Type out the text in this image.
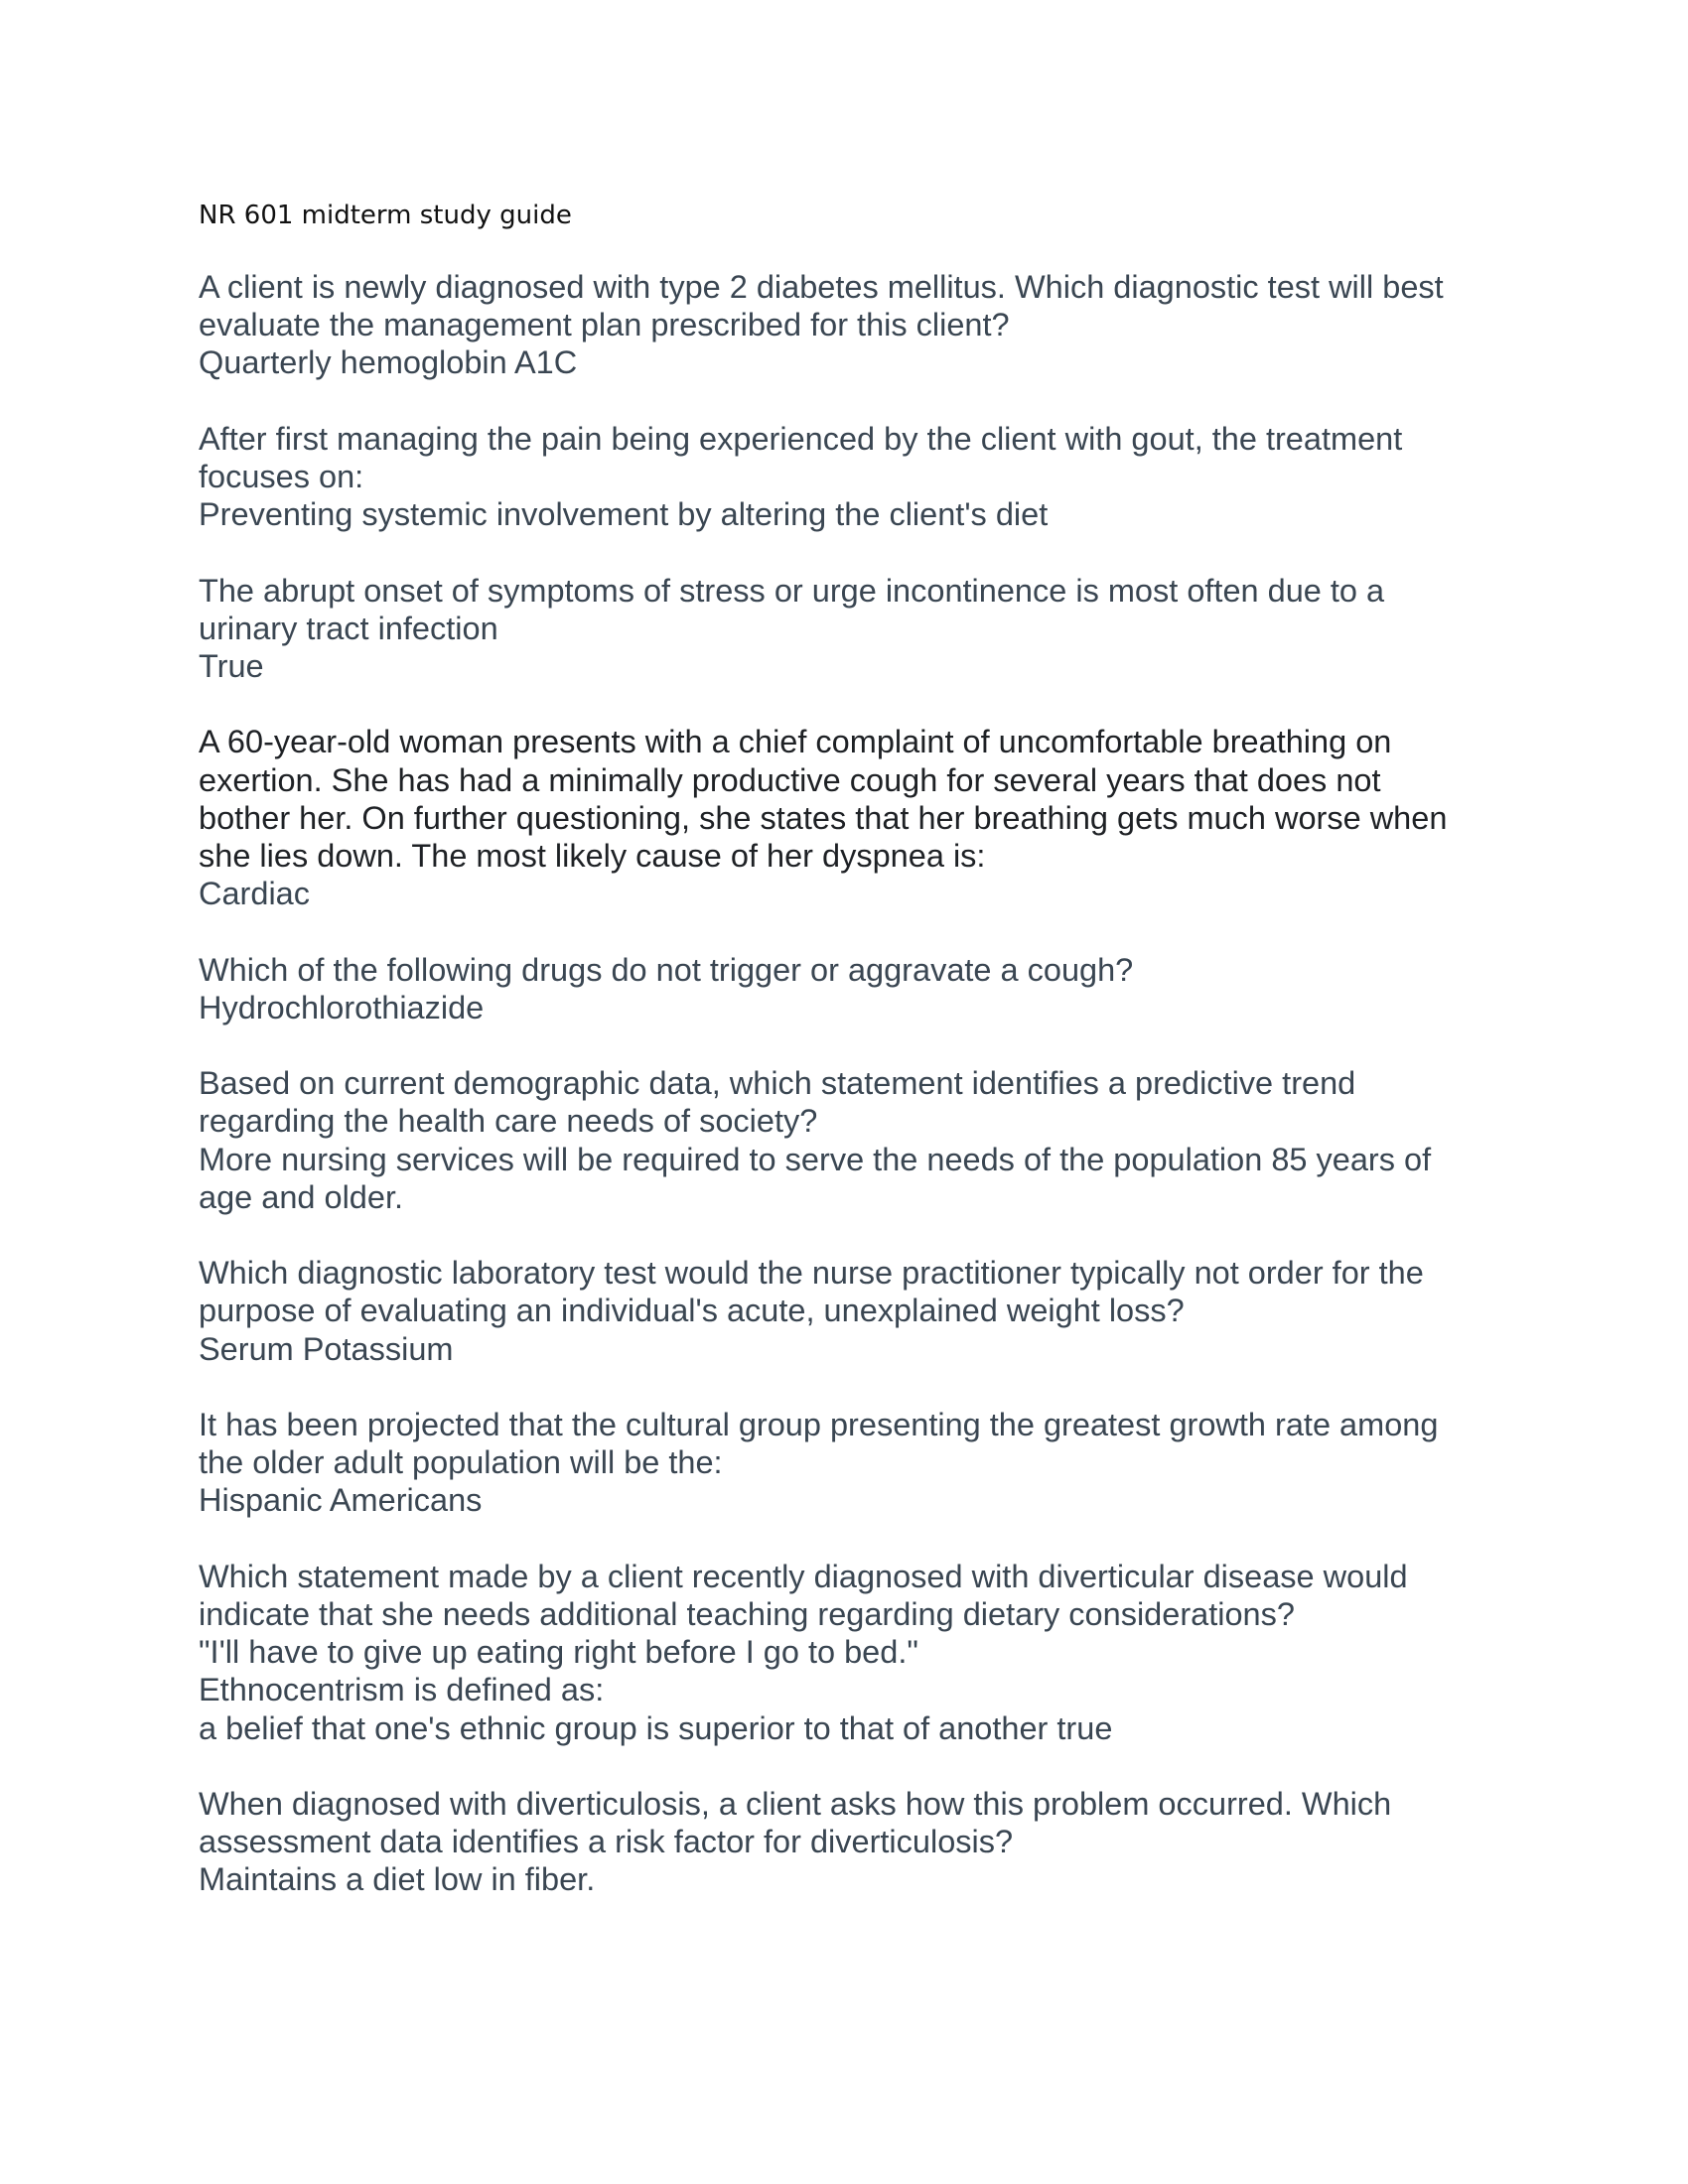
NR 601 midterm study guide
A client is newly diagnosed with type 2 diabetes mellitus. Which diagnostic test will best
evaluate the management plan prescribed for this client?
Quarterly hemoglobin A1C
After first managing the pain being experienced by the client with gout, the treatment
focuses on:
Preventing systemic involvement by altering the client's diet
The abrupt onset of symptoms of stress or urge incontinence is most often due to a
urinary tract infection
True
A 60-year-old woman presents with a chief complaint of uncomfortable breathing on
exertion. She has had a minimally productive cough for several years that does not
bother her. On further questioning, she states that her breathing gets much worse when
she lies down. The most likely cause of her dyspnea is:
Cardiac
Which of the following drugs do not trigger or aggravate a cough?
Hydrochlorothiazide
Based on current demographic data, which statement identifies a predictive trend
regarding the health care needs of society?
More nursing services will be required to serve the needs of the population 85 years of
age and older.
Which diagnostic laboratory test would the nurse practitioner typically not order for the
purpose of evaluating an individual's acute, unexplained weight loss?
Serum Potassium
It has been projected that the cultural group presenting the greatest growth rate among
the older adult population will be the:
Hispanic Americans
Which statement made by a client recently diagnosed with diverticular disease would
indicate that she needs additional teaching regarding dietary considerations?
"I'll have to give up eating right before I go to bed."
Ethnocentrism is defined as:
a belief that one's ethnic group is superior to that of another true
When diagnosed with diverticulosis, a client asks how this problem occurred. Which
assessment data identifies a risk factor for diverticulosis?
Maintains a diet low in fiber.
